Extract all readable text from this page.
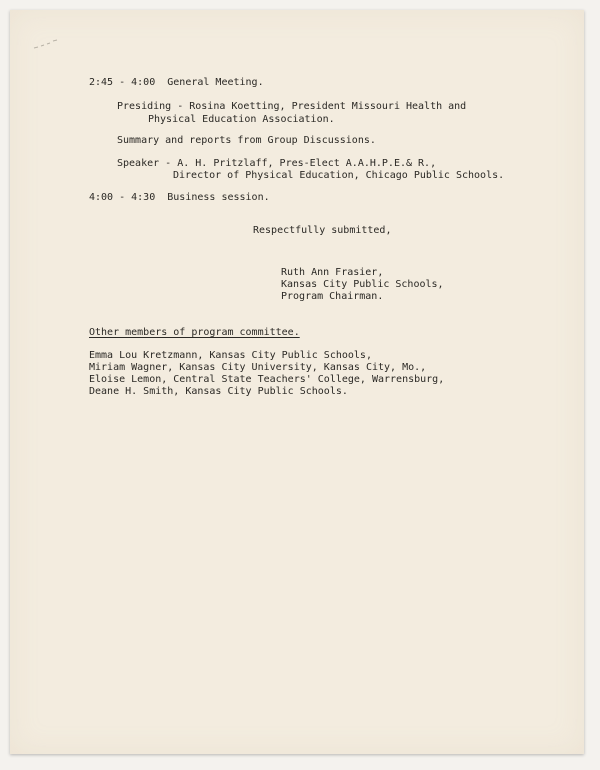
2:45 - 4:00  General Meeting.
Presiding - Rosina Koetting, President Missouri Health and
Physical Education Association.
Summary and reports from Group Discussions.
Speaker - A. H. Pritzlaff, Pres-Elect A.A.H.P.E.& R.,
Director of Physical Education, Chicago Public Schools.
4:00 - 4:30  Business session.
Respectfully submitted,
Ruth Ann Frasier,
Kansas City Public Schools,
Program Chairman.
Other members of program committee.
Emma Lou Kretzmann, Kansas City Public Schools,
Miriam Wagner, Kansas City University, Kansas City, Mo.,
Eloise Lemon, Central State Teachers' College, Warrensburg,
Deane H. Smith, Kansas City Public Schools.
